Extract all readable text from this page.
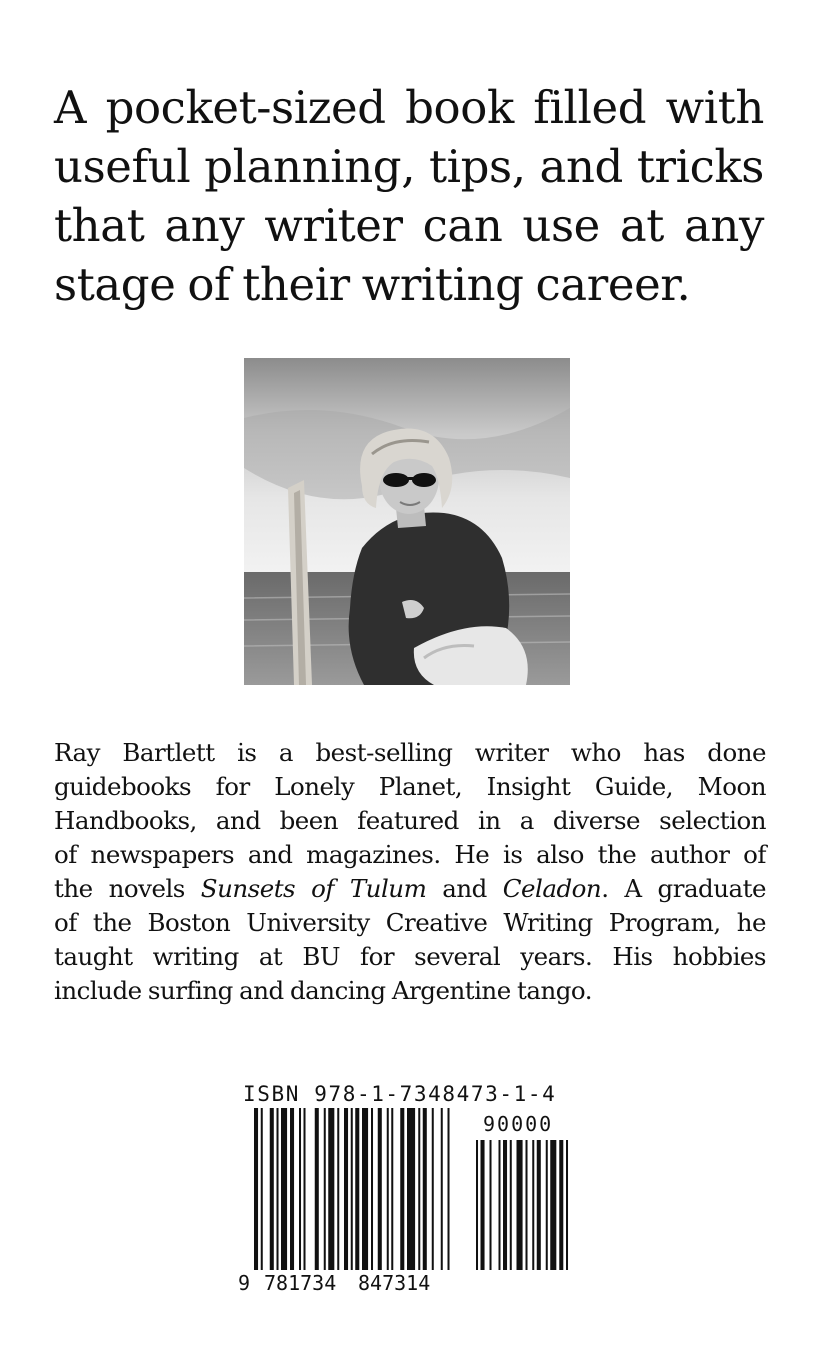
A pocket-sized book filled with useful planning, tips, and tricks that any writer can use at any stage of their writing career.

Ray Bartlett is a best-selling writer who has done
guidebooks for Lonely Planet, Insight Guide, Moon
Handbooks, and been featured in a diverse selection
of newspapers and magazines. He is also the author of
the novels Sunsets of Tulum and Celadon. A graduate
of the Boston University Creative Writing Program, he
taught writing at BU for several years. His hobbies
include surfing and dancing Argentine tango.
ISBN 978-1-7348473-1-4
9 781734 847314
90000
